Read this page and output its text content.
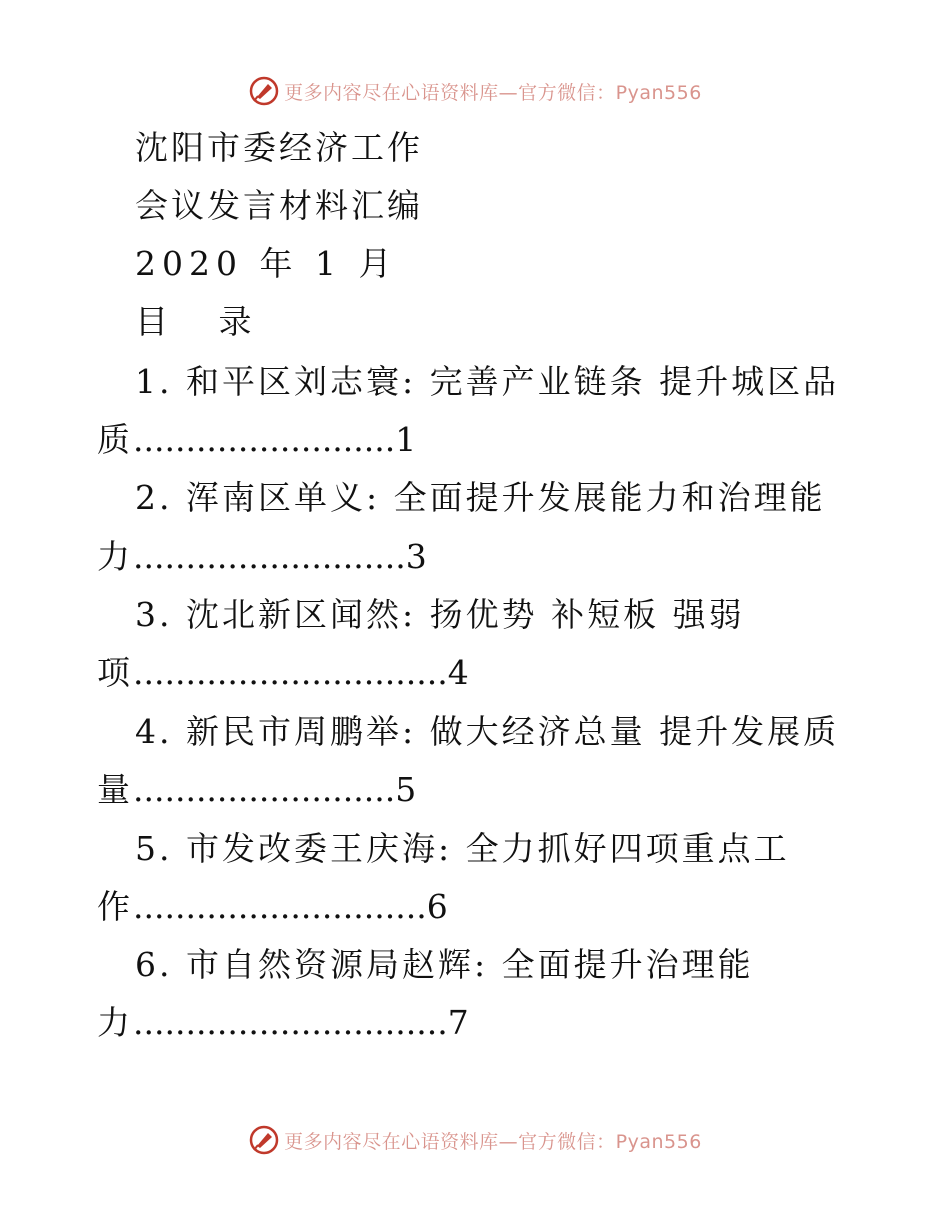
更多内容尽在心语资料库—官方微信：Pyan556
沈阳市委经济工作
会议发言材料汇编
2020 年 1 月
目 录
1. 和平区刘志寰: 完善产业链条 提升城区品
质.........................1
2. 浑南区单义: 全面提升发展能力和治理能
力..........................3
3. 沈北新区闻然: 扬优势 补短板 强弱
项..............................4
4. 新民市周鹏举: 做大经济总量 提升发展质
量.........................5
5. 市发改委王庆海: 全力抓好四项重点工
作............................6
6. 市自然资源局赵辉: 全面提升治理能
力..............................7
更多内容尽在心语资料库—官方微信：Pyan556
